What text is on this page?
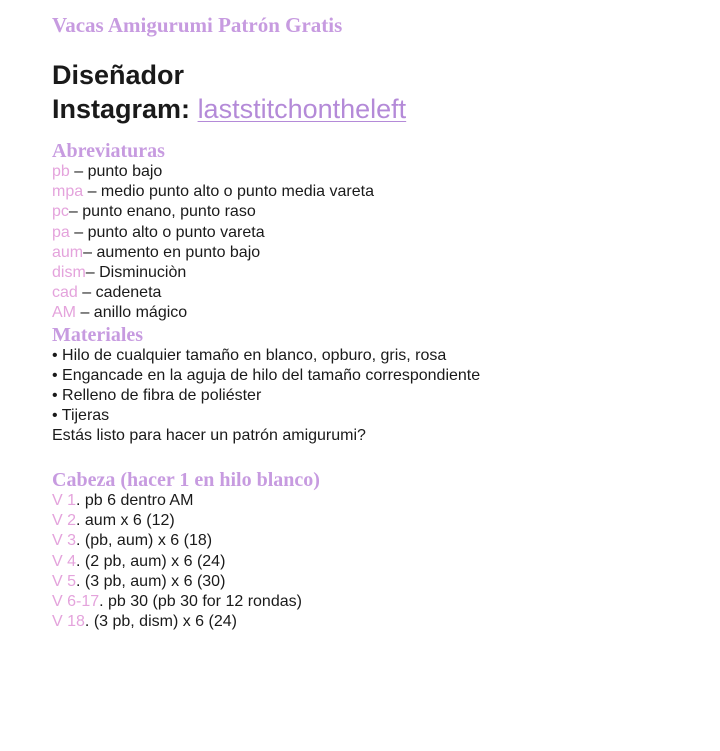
Vacas Amigurumi Patrón Gratis
Diseñador
Instagram: laststitchontheleft
Abreviaturas
pb – punto bajo
mpa – medio punto alto o punto media vareta
pc– punto enano, punto raso
pa – punto alto o punto vareta
aum– aumento en punto bajo
dism– Disminuciòn
cad – cadeneta
AM – anillo mágico
Materiales
• Hilo de cualquier tamaño en blanco, opburo, gris, rosa
• Engancade en la aguja de hilo del tamaño correspondiente
• Relleno de fibra de poliéster
• Tijeras
Estás listo para hacer un patrón amigurumi?
Cabeza (hacer 1 en hilo blanco)
V 1. pb 6 dentro AM
V 2. aum x 6 (12)
V 3. (pb, aum) x 6 (18)
V 4. (2 pb, aum) x 6 (24)
V 5. (3 pb, aum) x 6 (30)
V 6-17. pb 30 (pb 30 for 12 rondas)
V 18. (3 pb, dism) x 6 (24)
